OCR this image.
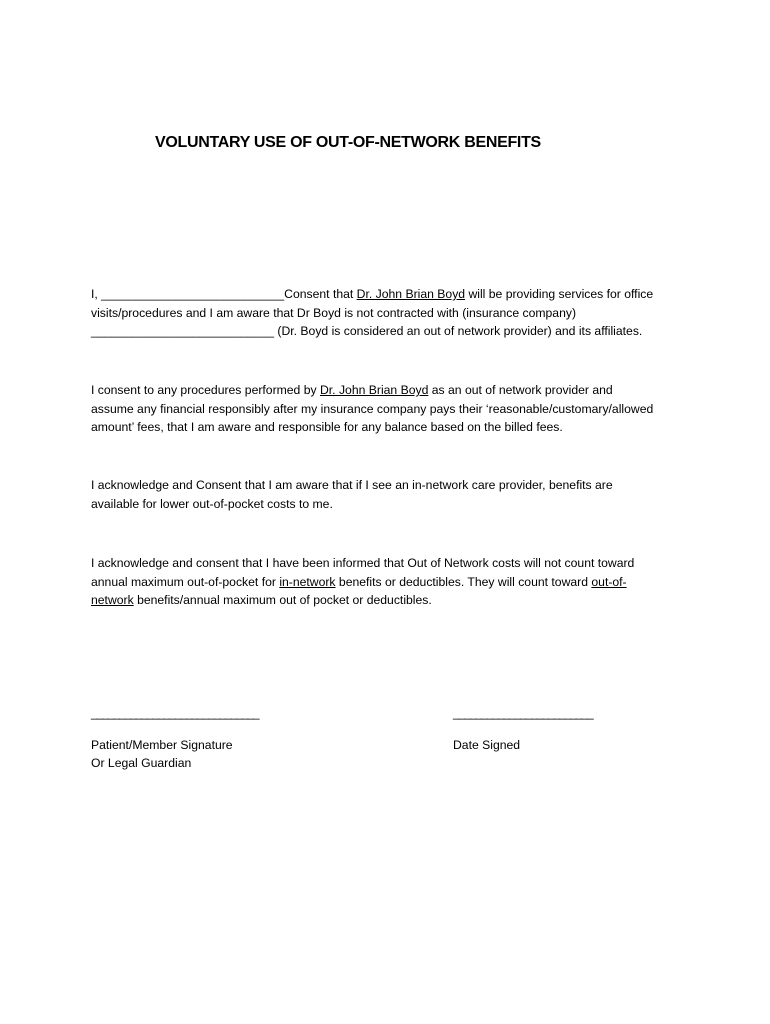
VOLUNTARY USE OF OUT-OF-NETWORK BENEFITS
I, ___________________________Consent that Dr. John Brian Boyd will be providing services for office
visits/procedures and I am aware that Dr Boyd is not contracted with (insurance company)
___________________________ (Dr. Boyd is considered an out of network provider) and its affiliates.
I consent to any procedures performed by Dr. John Brian Boyd as an out of network provider and
assume any financial responsibly after my insurance company pays their ‘reasonable/customary/allowed
amount’ fees, that I am aware and responsible for any balance based on the billed fees.
I acknowledge and Consent that I am aware that if I see an in-network care provider, benefits are
available for lower out-of-pocket costs to me.
I acknowledge and consent that I have been informed that Out of Network costs will not count toward
annual maximum out-of-pocket for in-network benefits or deductibles. They will count toward out-of-
network benefits/annual maximum out of pocket or deductibles.
______________________________	_________________________
Patient/Member Signature
Or Legal Guardian
Date Signed
